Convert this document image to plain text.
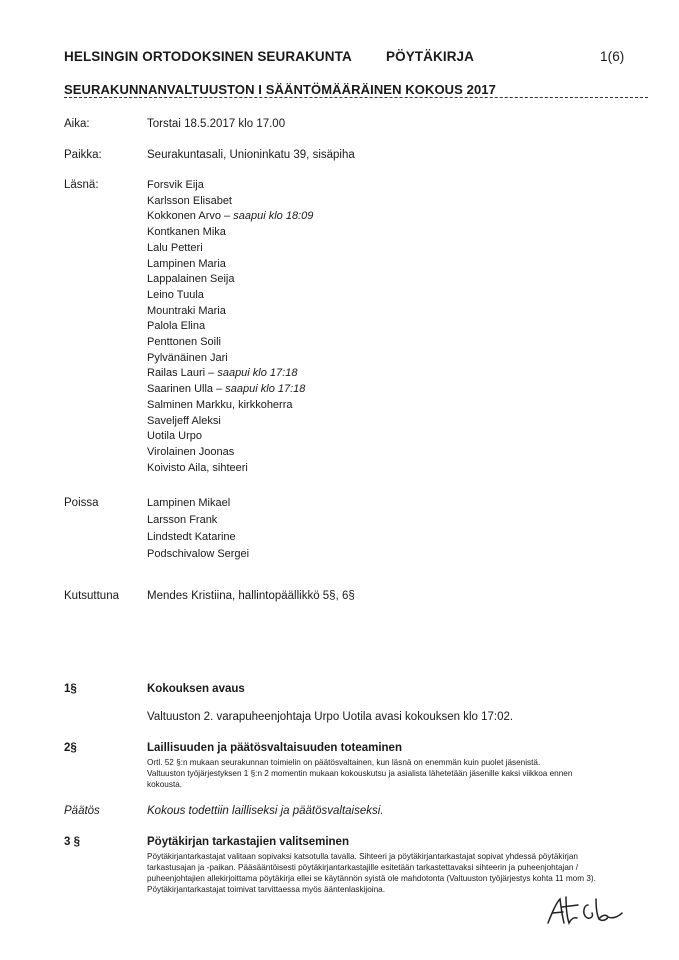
HELSINGIN ORTODOKSINEN SEURAKUNTA	PÖYTÄKIRJA	1(6)
SEURAKUNNANVALTUUSTON I SÄÄNTÖMÄÄRÄINEN KOKOUS 2017
Aika:	Torstai 18.5.2017 klo 17.00
Paikka:	Seurakuntasali, Unioninkatu 39, sisäpiha
Läsnä:	Forsvik Eija
Karlsson Elisabet
Kokkonen Arvo – saapui klo 18:09
Kontkanen Mika
Lalu Petteri
Lampinen Maria
Lappalainen Seija
Leino Tuula
Mountraki Maria
Palola Elina
Penttonen Soili
Pylvänäinen Jari
Railas Lauri – saapui klo 17:18
Saarinen Ulla – saapui klo 17:18
Salminen Markku, kirkkoherra
Saveljeff Aleksi
Uotila Urpo
Virolainen Joonas
Koivisto Aila, sihteeri
Poissa	Lampinen Mikael
Larsson Frank
Lindstedt Katarine
Podschivalow Sergei
Kutsuttuna Mendes Kristiina, hallintopäällikkö 5§, 6§
1§	Kokouksen avaus
Valtuuston 2. varapuheenjohtaja Urpo Uotila avasi kokouksen klo 17:02.
2§	Laillisuuden ja päätösvaltaisuuden toteaminen
Ortl. 52 §:n mukaan seurakunnan toimielin on päätösvaltainen, kun läsnä on enemmän kuin puolet jäsenistä.
Valtuuston työjärjestyksen 1 §:n 2 momentin mukaan kokouskutsu ja asialista lähetetään jäsenille kaksi viikkoa ennen
kokousta.
Päätös	Kokous todettiin lailliseksi ja päätösvaltaiseksi.
3 §	Pöytäkirjan tarkastajien valitseminen
Pöytäkirjantarkastajat valitaan sopivaksi katsotulla tavalla. Sihteeri ja pöytäkirjantarkastajat sopivat yhdessä pöytäkirjan
tarkastusajan ja -paikan. Pääsääntöisesti pöytäkirjantarkastajille esitetään tarkastettavaksi sihteerin ja puheenjohtajan /
puheenjohtajien allekirjoittama pöytäkirja ellei se käytännön syistä ole mahdotonta (Valtuuston työjärjestys kohta 11 mom 3).
Pöytäkirjantarkastajat toimivat tarvittaessa myös ääntenlaskijoina.
